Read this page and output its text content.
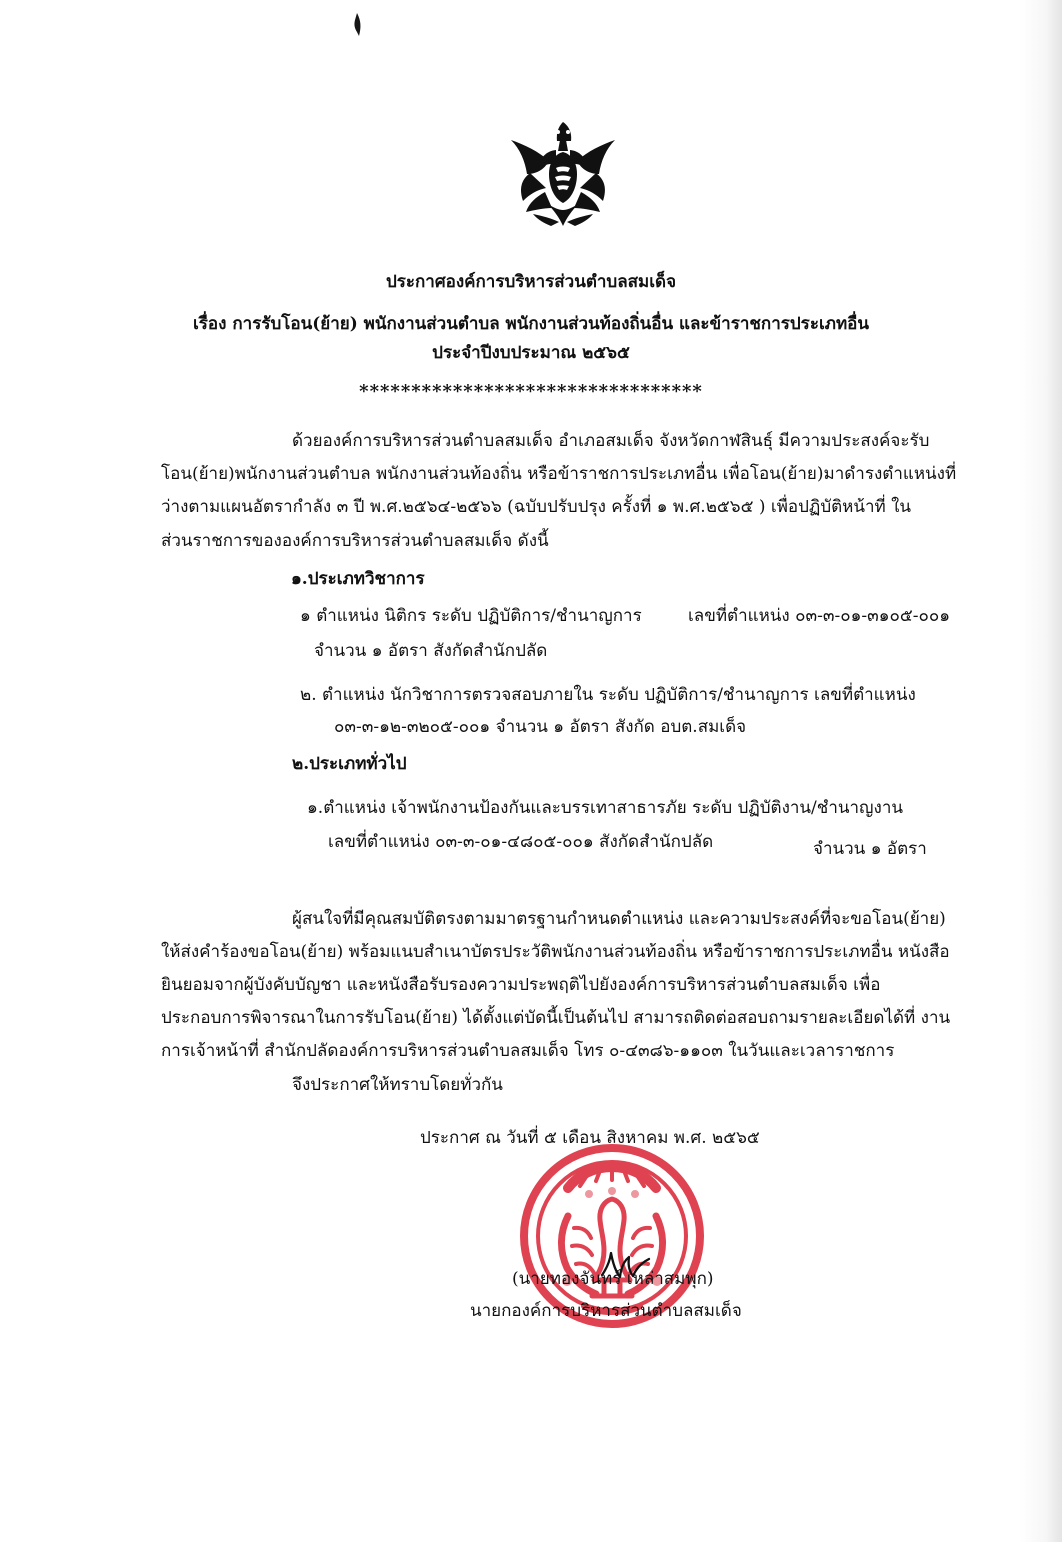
ประกาศองค์การบริหารส่วนตำบลสมเด็จ
เรื่อง การรับโอน(ย้าย) พนักงานส่วนตำบล พนักงานส่วนท้องถิ่นอื่น และข้าราชการประเภทอื่น
ประจำปีงบประมาณ ๒๕๖๕
*********************************
ด้วยองค์การบริหารส่วนตำบลสมเด็จ อำเภอสมเด็จ จังหวัดกาฬสินธุ์ มีความประสงค์จะรับ
โอน(ย้าย)พนักงานส่วนตำบล พนักงานส่วนท้องถิ่น หรือข้าราชการประเภทอื่น เพื่อโอน(ย้าย)มาดำรงตำแหน่งที่
ว่างตามแผนอัตรากำลัง ๓ ปี พ.ศ.๒๕๖๔-๒๕๖๖ (ฉบับปรับปรุง ครั้งที่ ๑ พ.ศ.๒๕๖๕ ) เพื่อปฏิบัติหน้าที่ ใน
ส่วนราชการขององค์การบริหารส่วนตำบลสมเด็จ ดังนี้
๑.ประเภทวิชาการ
๑ ตำแหน่ง นิติกร ระดับ ปฏิบัติการ/ชำนาญการ	เลขที่ตำแหน่ง ๐๓-๓-๐๑-๓๑๐๕-๐๐๑
จำนวน ๑ อัตรา สังกัดสำนักปลัด
๒. ตำแหน่ง นักวิชาการตรวจสอบภายใน ระดับ ปฏิบัติการ/ชำนาญการ เลขที่ตำแหน่ง
๐๓-๓-๑๒-๓๒๐๕-๐๐๑ จำนวน ๑ อัตรา สังกัด อบต.สมเด็จ
๒.ประเภททั่วไป
๑.ตำแหน่ง เจ้าพนักงานป้องกันและบรรเทาสาธารภัย ระดับ ปฏิบัติงาน/ชำนาญงาน
เลขที่ตำแหน่ง ๐๓-๓-๐๑-๔๘๐๕-๐๐๑ สังกัดสำนักปลัด	จำนวน ๑ อัตรา
ผู้สนใจที่มีคุณสมบัติตรงตามมาตรฐานกำหนดตำแหน่ง และความประสงค์ที่จะขอโอน(ย้าย)
ให้ส่งคำร้องขอโอน(ย้าย) พร้อมแนบสำเนาบัตรประวัติพนักงานส่วนท้องถิ่น หรือข้าราชการประเภทอื่น หนังสือ
ยินยอมจากผู้บังคับบัญชา และหนังสือรับรองความประพฤติไปยังองค์การบริหารส่วนตำบลสมเด็จ เพื่อ
ประกอบการพิจารณาในการรับโอน(ย้าย) ได้ตั้งแต่บัดนี้เป็นต้นไป สามารถติดต่อสอบถามรายละเอียดได้ที่ งาน
การเจ้าหน้าที่ สำนักปลัดองค์การบริหารส่วนตำบลสมเด็จ โทร ๐-๔๓๘๖-๑๑๐๓ ในวันและเวลาราชการ
จึงประกาศให้ทราบโดยทั่วกัน
ประกาศ ณ วันที่ ๕ เดือน สิงหาคม พ.ศ. ๒๕๖๕
(นายทองจันทร์ เหล่าสมพุก)
นายกองค์การบริหารส่วนตำบลสมเด็จ
